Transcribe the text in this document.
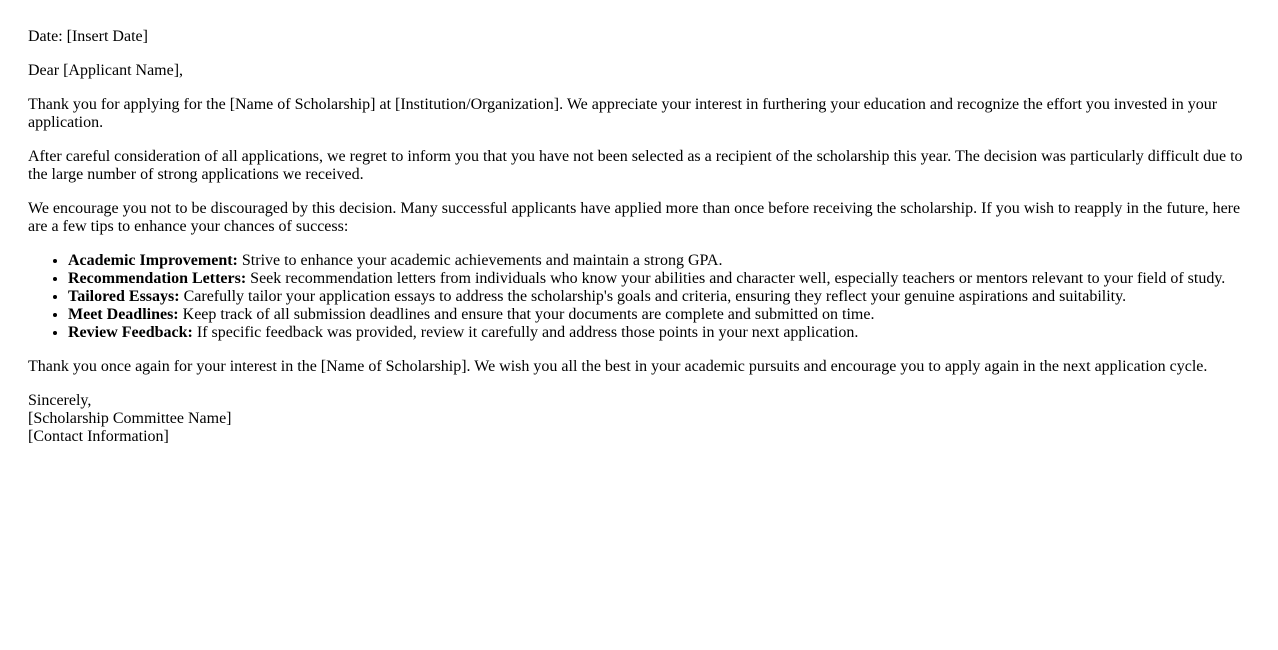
Date: [Insert Date]

Dear [Applicant Name],

Thank you for applying for the [Name of Scholarship] at [Institution/Organization]. We appreciate your interest in furthering your education and recognize the effort you invested in your application.

After careful consideration of all applications, we regret to inform you that you have not been selected as a recipient of the scholarship this year. The decision was particularly difficult due to the large number of strong applications we received.

We encourage you not to be discouraged by this decision. Many successful applicants have applied more than once before receiving the scholarship. If you wish to reapply in the future, here are a few tips to enhance your chances of success:

• Academic Improvement: Strive to enhance your academic achievements and maintain a strong GPA.
• Recommendation Letters: Seek recommendation letters from individuals who know your abilities and character well, especially teachers or mentors relevant to your field of study.
• Tailored Essays: Carefully tailor your application essays to address the scholarship's goals and criteria, ensuring they reflect your genuine aspirations and suitability.
• Meet Deadlines: Keep track of all submission deadlines and ensure that your documents are complete and submitted on time.
• Review Feedback: If specific feedback was provided, review it carefully and address those points in your next application.

Thank you once again for your interest in the [Name of Scholarship]. We wish you all the best in your academic pursuits and encourage you to apply again in the next application cycle.

Sincerely,
[Scholarship Committee Name]
[Contact Information]
